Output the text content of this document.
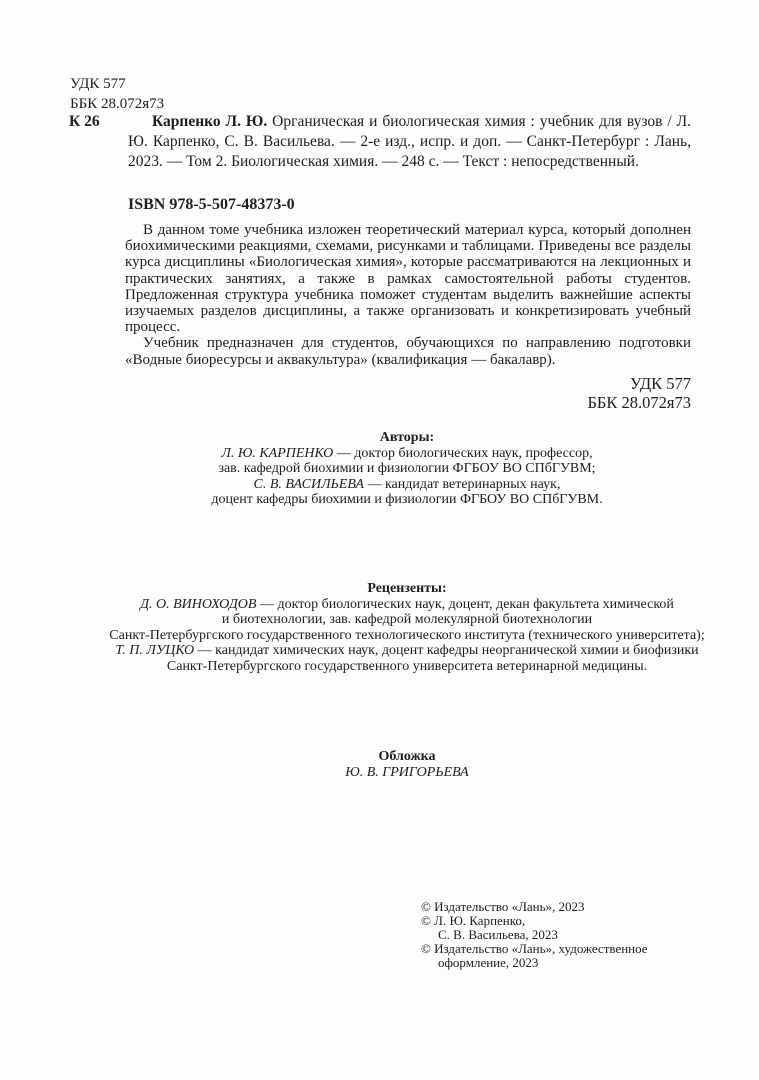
УДК 577
ББК 28.072я73
К 26	Карпенко Л. Ю. Органическая и биологическая химия : учебник для вузов / Л. Ю. Карпенко, С. В. Васильева. — 2-е изд., испр. и доп. — Санкт-Петербург : Лань, 2023. — Том 2. Биологическая химия. — 248 с. — Текст : непосредственный.
ISBN 978-5-507-48373-0

В данном томе учебника изложен теоретический материал курса, который дополнен биохимическими реакциями, схемами, рисунками и таблицами. Приведены все разделы курса дисциплины «Биологическая химия», которые рассматриваются на лекционных и практических занятиях, а также в рамках самостоятельной работы студентов. Предложенная структура учебника поможет студентам выделить важнейшие аспекты изучаемых разделов дисциплины, а также организовать и конкретизировать учебный процесс.

Учебник предназначен для студентов, обучающихся по направлению подготовки «Водные биоресурсы и аквакультура» (квалификация — бакалавр).

УДК 577
ББК 28.072я73
Авторы:
Л. Ю. КАРПЕНКО — доктор биологических наук, профессор,
зав. кафедрой биохимии и физиологии ФГБОУ ВО СПбГУВМ;
С. В. ВАСИЛЬЕВА — кандидат ветеринарных наук,
доцент кафедры биохимии и физиологии ФГБОУ ВО СПбГУВМ.
Рецензенты:
Д. О. ВИНОХОДОВ — доктор биологических наук, доцент, декан факультета химической
и биотехнологии, зав. кафедрой молекулярной биотехнологии
Санкт-Петербургского государственного технологического института (технического университета);
Т. П. ЛУЦКО — кандидат химических наук, доцент кафедры неорганической химии и биофизики
Санкт-Петербургского государственного университета ветеринарной медицины.
Обложка
Ю. В. ГРИГОРЬЕВА
© Издательство «Лань», 2023
© Л. Ю. Карпенко,
С. В. Васильева, 2023
© Издательство «Лань», художественное
оформление, 2023
